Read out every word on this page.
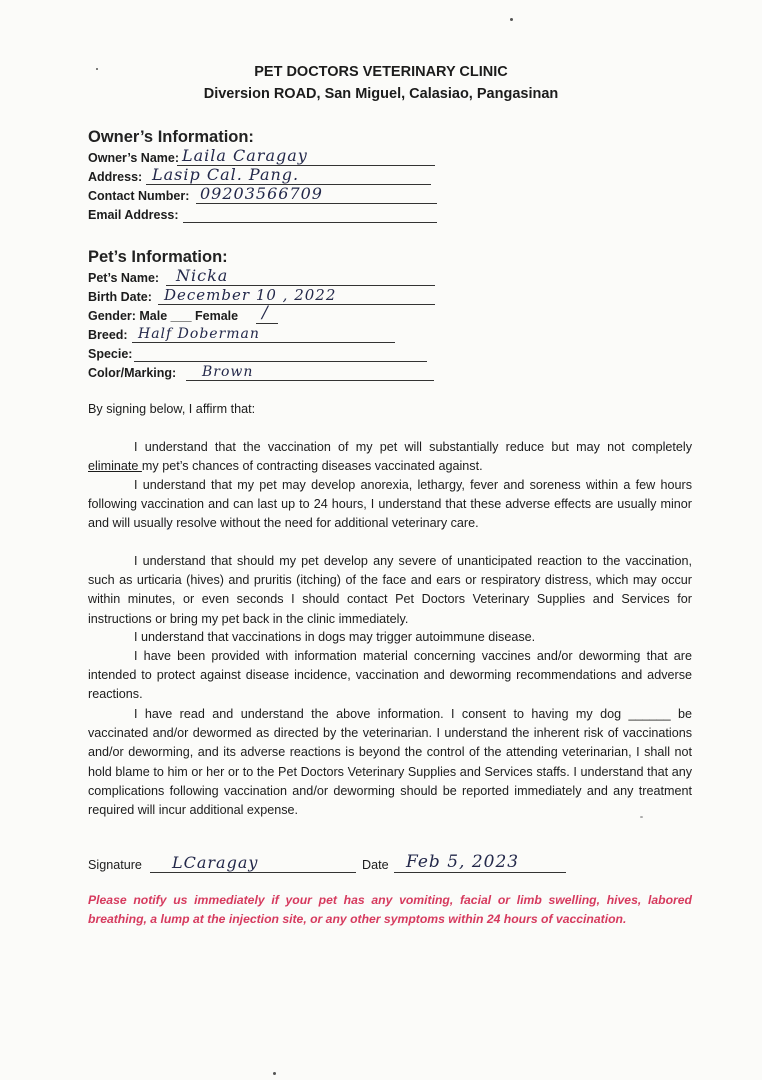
PET DOCTORS VETERINARY CLINIC
Diversion ROAD, San Miguel, Calasiao, Pangasinan
Owner’s Information:
Owner’s Name: Laila Caragay
Address: Lasip Cal. Pang.
Contact Number: 09203566709
Email Address:
Pet’s Information:
Pet’s Name: Nicka
Birth Date: December 10 , 2022
Gender: Male ___ Female /
Breed: Half Doberman
Specie:
Color/Marking: Brown
By signing below, I affirm that:
I understand that the vaccination of my pet will substantially reduce but may not completely eliminate my pet’s chances of contracting diseases vaccinated against.
I understand that my pet may develop anorexia, lethargy, fever and soreness within a few hours following vaccination and can last up to 24 hours, I understand that these adverse effects are usually minor and will usually resolve without the need for additional veterinary care.
I understand that should my pet develop any severe of unanticipated reaction to the vaccination, such as urticaria (hives) and pruritis (itching) of the face and ears or respiratory distress, which may occur within minutes, or even seconds I should contact Pet Doctors Veterinary Supplies and Services for instructions or bring my pet back in the clinic immediately.
I understand that vaccinations in dogs may trigger autoimmune disease.
I have been provided with information material concerning vaccines and/or deworming that are intended to protect against disease incidence, vaccination and deworming recommendations and adverse reactions.
I have read and understand the above information. I consent to having my dog ______ be vaccinated and/or dewormed as directed by the veterinarian. I understand the inherent risk of vaccinations and/or deworming, and its adverse reactions is beyond the control of the attending veterinarian, I shall not hold blame to him or her or to the Pet Doctors Veterinary Supplies and Services staffs. I understand that any complications following vaccination and/or deworming should be reported immediately and any treatment required will incur additional expense.
Signature LCaragay	Date Feb 5, 2023
Please notify us immediately if your pet has any vomiting, facial or limb swelling, hives, labored breathing, a lump at the injection site, or any other symptoms within 24 hours of vaccination.
